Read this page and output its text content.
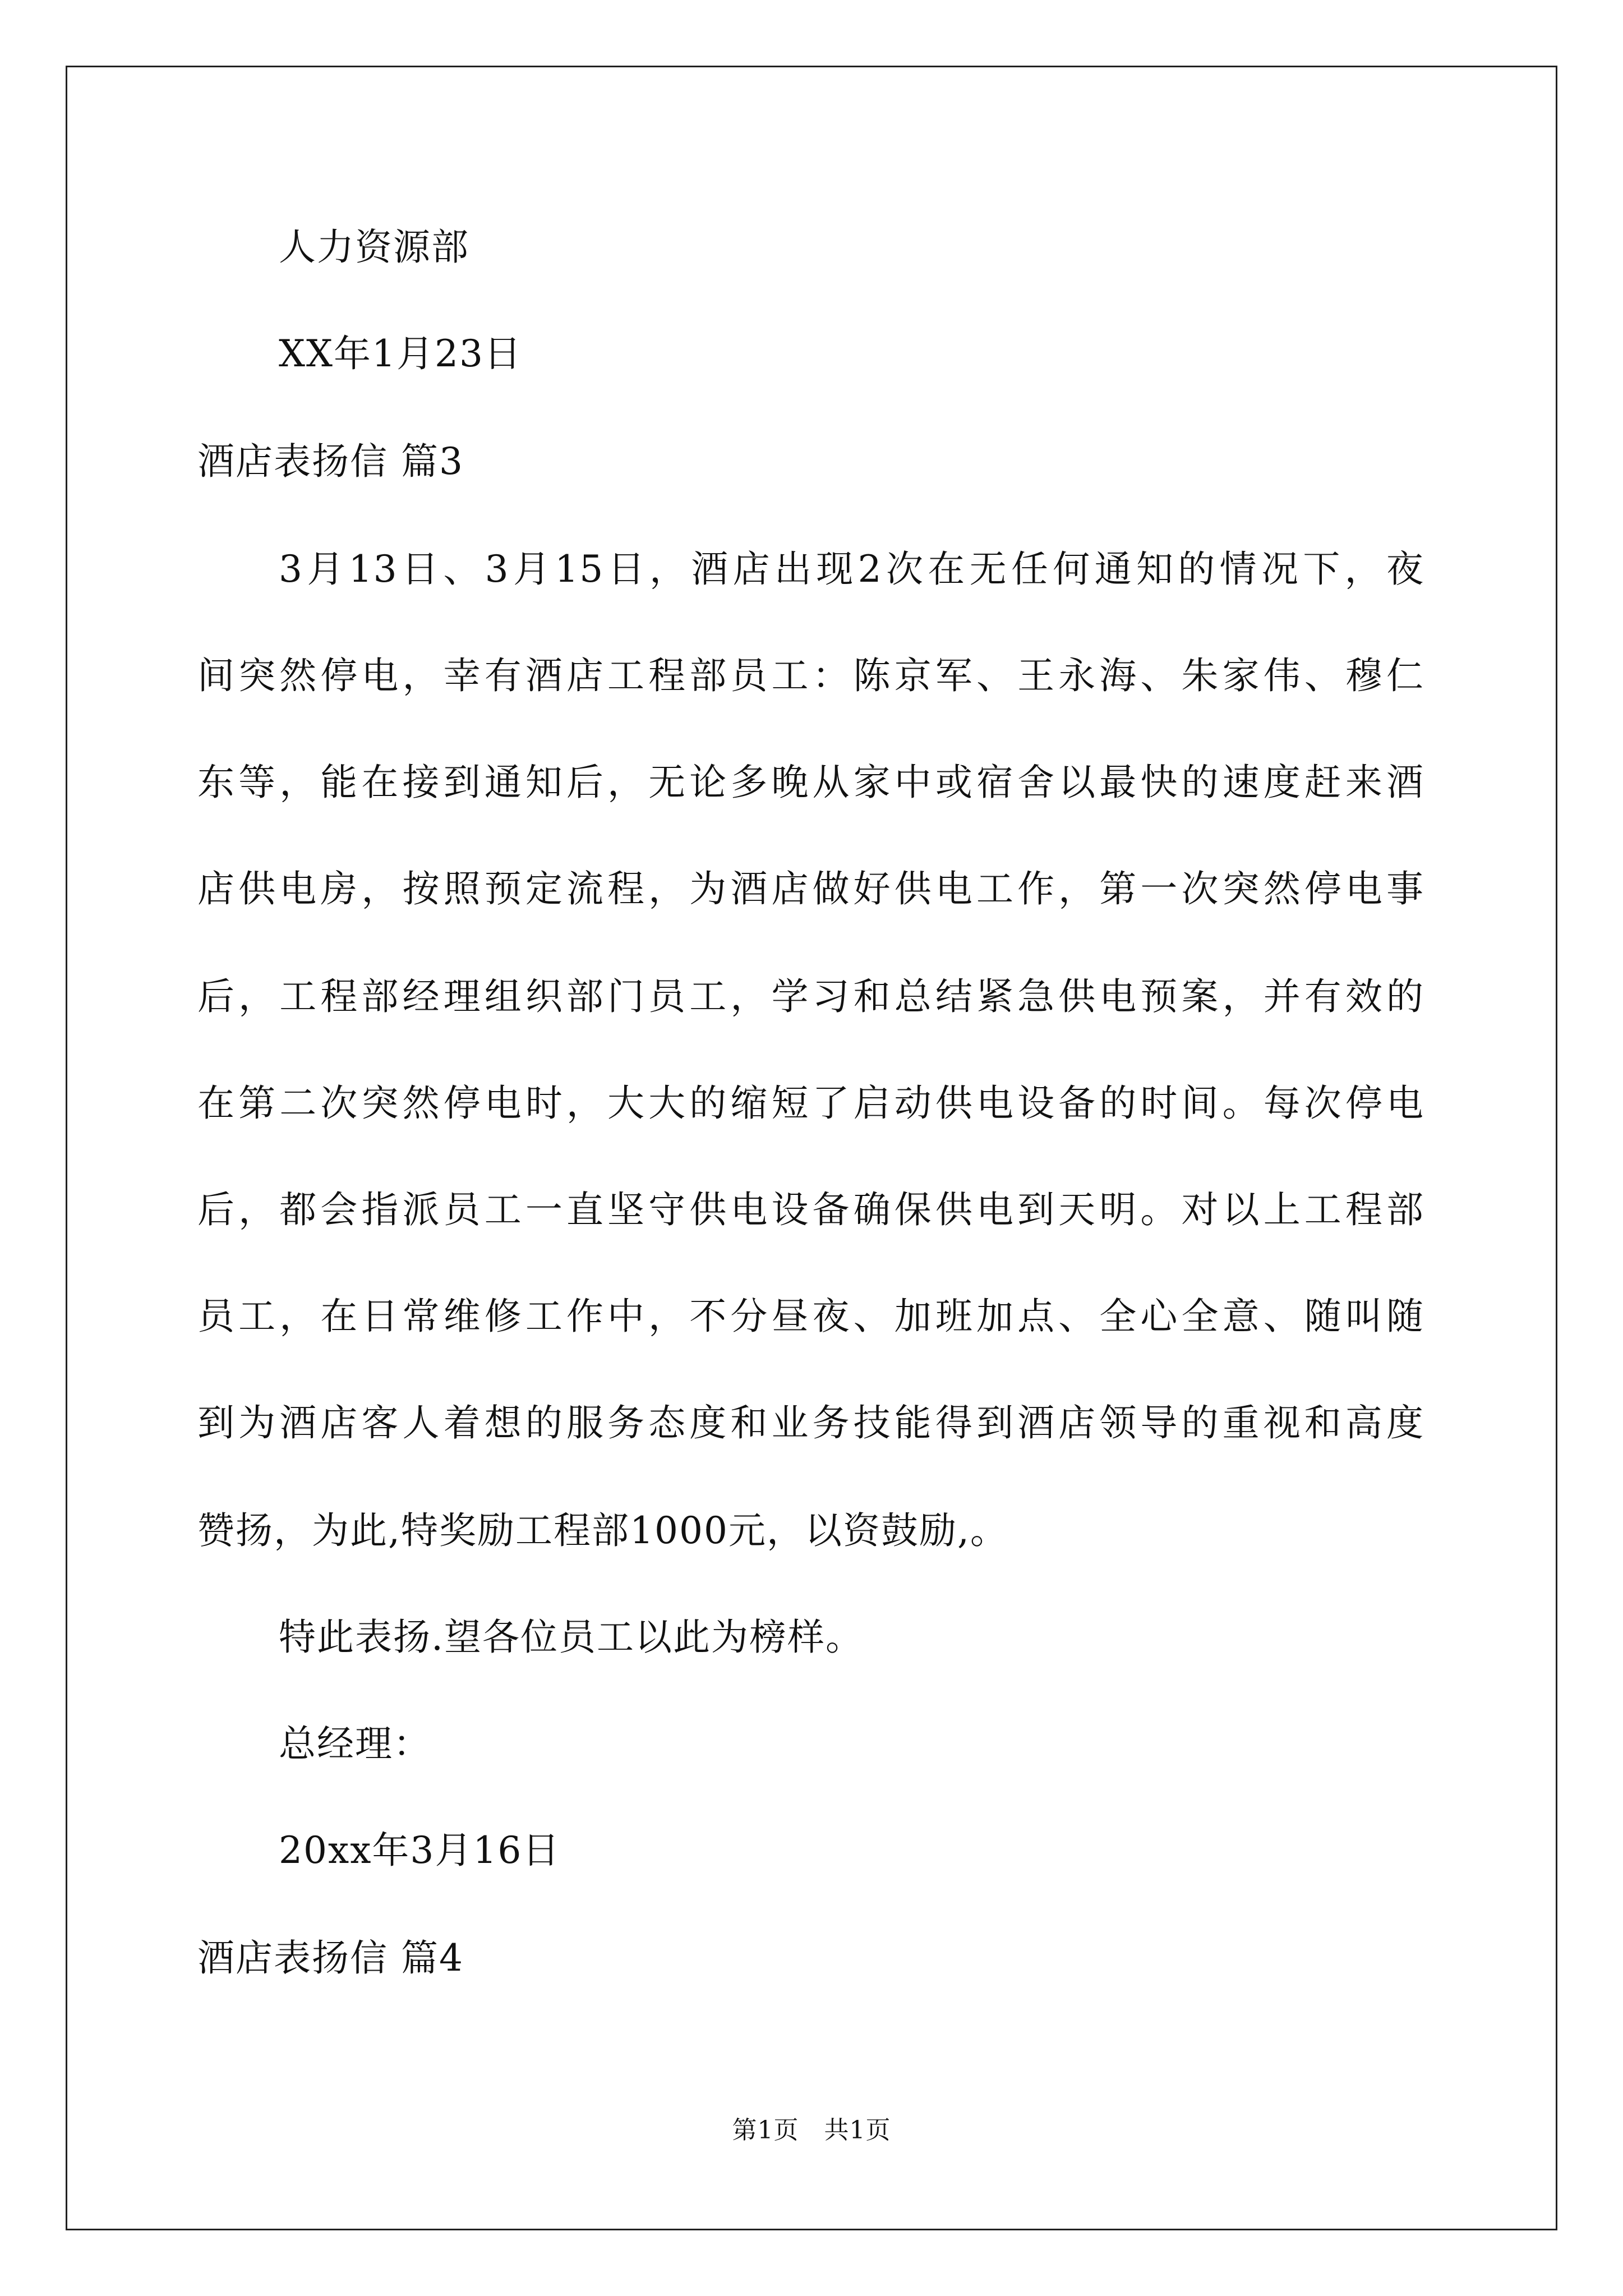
人力资源部
XX年1月23日
酒店表扬信 篇3
3月13日、3月15日，酒店出现2次在无任何通知的情况下，夜
间突然停电，幸有酒店工程部员工：陈京军、王永海、朱家伟、穆仁
东等，能在接到通知后，无论多晚从家中或宿舍以最快的速度赶来酒
店供电房，按照预定流程，为酒店做好供电工作，第一次突然停电事
后，工程部经理组织部门员工，学习和总结紧急供电预案，并有效的
在第二次突然停电时，大大的缩短了启动供电设备的时间。每次停电
后，都会指派员工一直坚守供电设备确保供电到天明。对以上工程部
员工，在日常维修工作中，不分昼夜、加班加点、全心全意、随叫随
到为酒店客人着想的服务态度和业务技能得到酒店领导的重视和高度
赞扬，为此,特奖励工程部1000元，以资鼓励,。
特此表扬.望各位员工以此为榜样。
总经理：
20xx年3月16日
酒店表扬信 篇4
第1页　共1页
